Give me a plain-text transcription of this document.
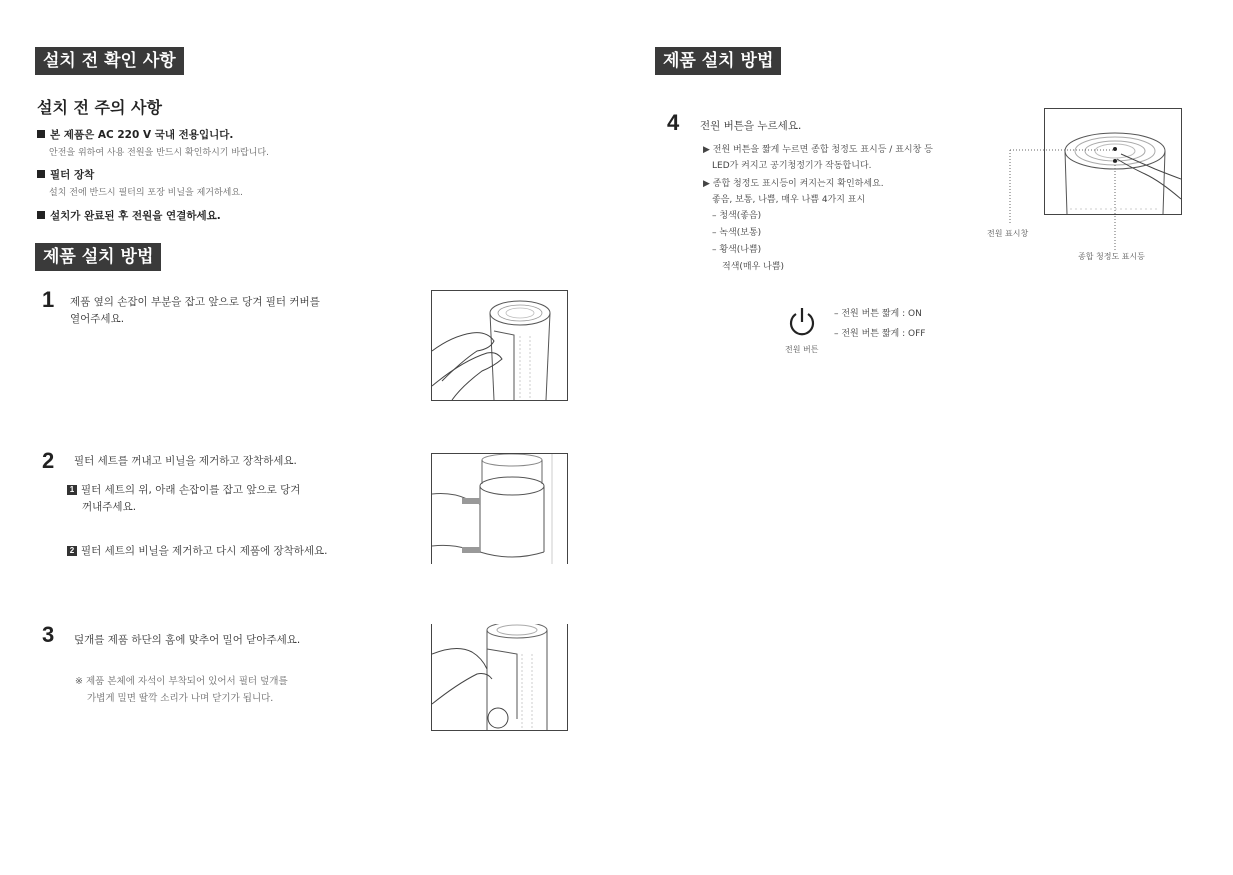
설치 전 확인 사항
설치 전 주의 사항
본 제품은 AC 220 V 국내 전용입니다.
안전을 위하여 사용 전원을 반드시 확인하시기 바랍니다.
필터 장착
설치 전에 반드시 필터의 포장 비닐을 제거하세요.
설치가 완료된 후 전원을 연결하세요.
제품 설치 방법
1 제품 옆의 손잡이 부분을 잡고 앞으로 당겨 필터 커버를
열어주세요.
2 필터 세트를 꺼내고 비닐을 제거하고 장착하세요.
1 필터 세트의 위, 아래 손잡이를 잡고 앞으로 당겨
꺼내주세요.
2 필터 세트의 비닐을 제거하고 다시 제품에 장착하세요.
3 덮개를 제품 하단의 홈에 맞추어 밀어 닫아주세요.
※ 제품 본체에 자석이 부착되어 있어서 필터 덮개를
가볍게 밀면 딸깍 소리가 나며 닫기가 됩니다.
제품 설치 방법
4 전원 버튼을 누르세요.
▶ 전원 버튼을 짧게 누르면 종합 청정도 표시등 / 표시창 등
LED가 켜지고 공기청정기가 작동합니다.
▶ 종합 청정도 표시등이 켜지는지 확인하세요.
좋음, 보통, 나쁨, 매우 나쁨 4가지 표시
– 청색(좋음)
– 녹색(보통)
– 황색(나쁨)
적색(매우 나쁨)
전원 표시창
종합 청정도 표시등
전원 버튼
– 전원 버튼 짧게 : ON
– 전원 버튼 짧게 : OFF
